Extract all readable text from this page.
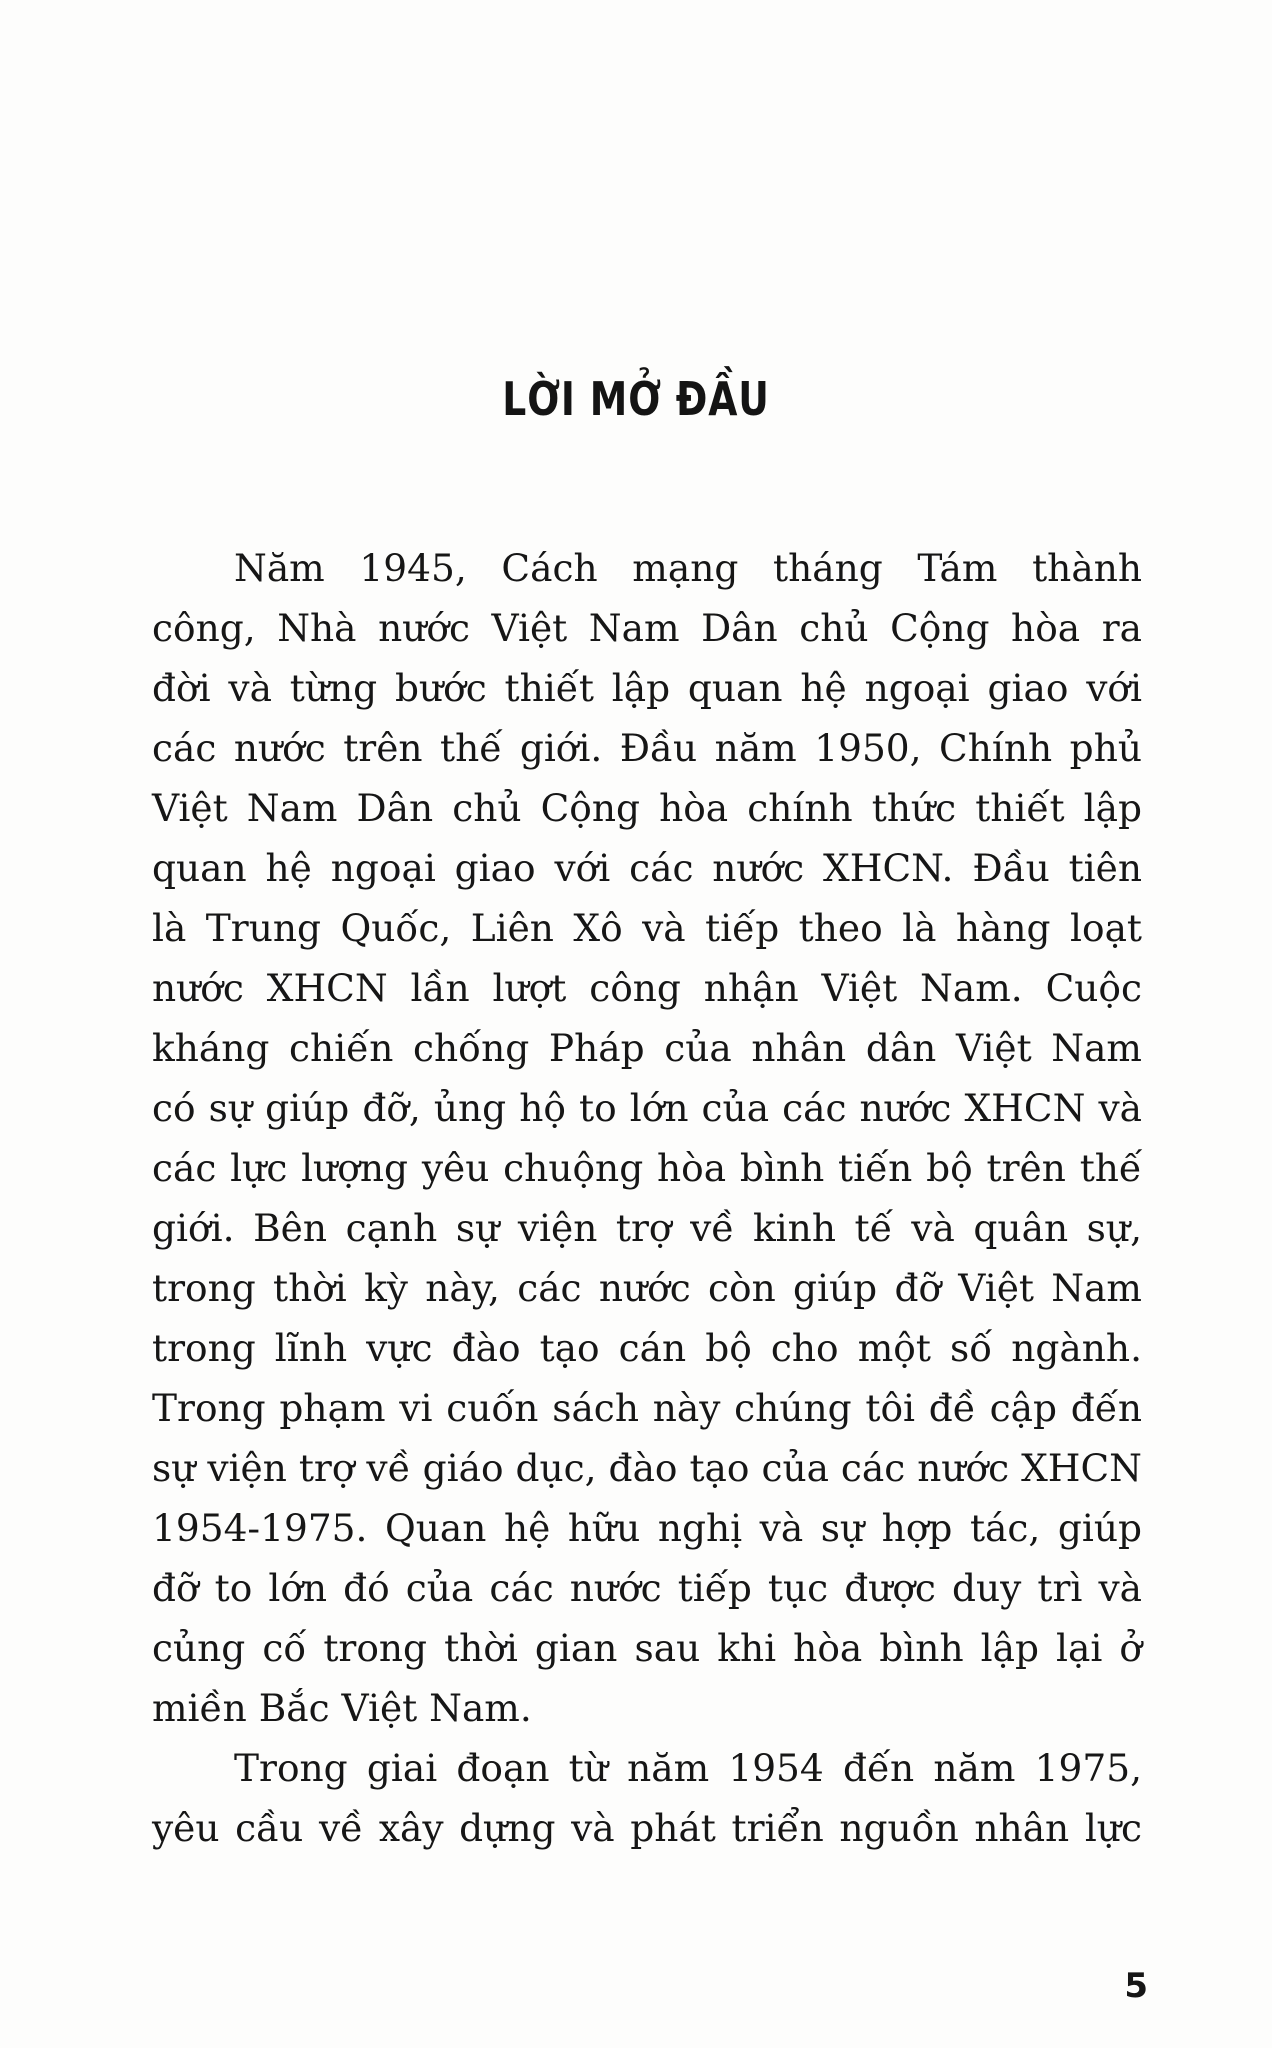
LỜI MỞ ĐẦU
Năm 1945, Cách mạng tháng Tám thành
công, Nhà nước Việt Nam Dân chủ Cộng hòa ra
đời và từng bước thiết lập quan hệ ngoại giao với
các nước trên thế giới. Đầu năm 1950, Chính phủ
Việt Nam Dân chủ Cộng hòa chính thức thiết lập
quan hệ ngoại giao với các nước XHCN. Đầu tiên
là Trung Quốc, Liên Xô và tiếp theo là hàng loạt
nước XHCN lần lượt công nhận Việt Nam. Cuộc
kháng chiến chống Pháp của nhân dân Việt Nam
có sự giúp đỡ, ủng hộ to lớn của các nước XHCN và
các lực lượng yêu chuộng hòa bình tiến bộ trên thế
giới. Bên cạnh sự viện trợ về kinh tế và quân sự,
trong thời kỳ này, các nước còn giúp đỡ Việt Nam
trong lĩnh vực đào tạo cán bộ cho một số ngành.
Trong phạm vi cuốn sách này chúng tôi đề cập đến
sự viện trợ về giáo dục, đào tạo của các nước XHCN
1954-1975. Quan hệ hữu nghị và sự hợp tác, giúp
đỡ to lớn đó của các nước tiếp tục được duy trì và
củng cố trong thời gian sau khi hòa bình lập lại ở
miền Bắc Việt Nam.
Trong giai đoạn từ năm 1954 đến năm 1975,
yêu cầu về xây dựng và phát triển nguồn nhân lực
5
